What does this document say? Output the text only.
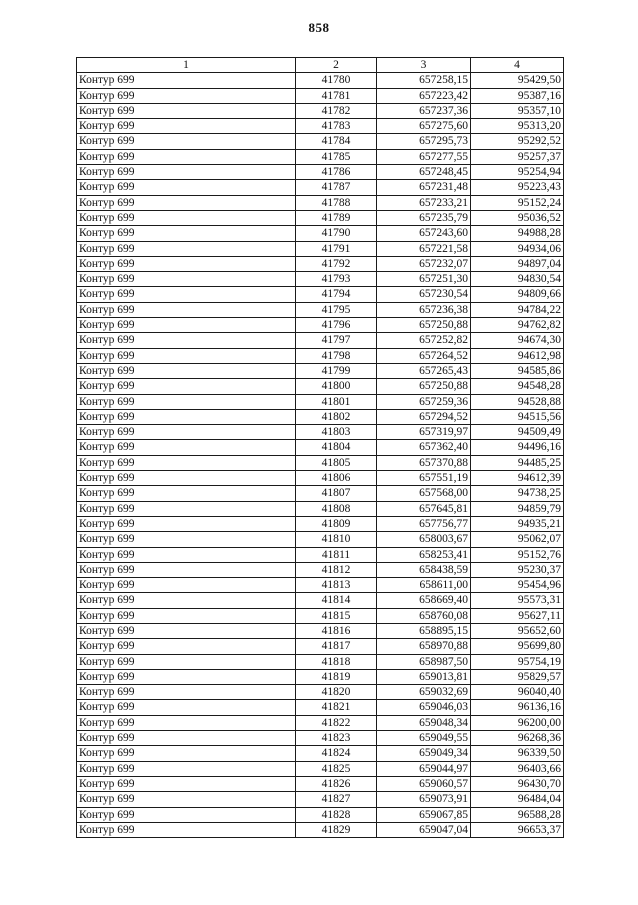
858
1	2	3	4
Контур 699	41780	657258,15	95429,50
Контур 699	41781	657223,42	95387,16
Контур 699	41782	657237,36	95357,10
Контур 699	41783	657275,60	95313,20
Контур 699	41784	657295,73	95292,52
Контур 699	41785	657277,55	95257,37
Контур 699	41786	657248,45	95254,94
Контур 699	41787	657231,48	95223,43
Контур 699	41788	657233,21	95152,24
Контур 699	41789	657235,79	95036,52
Контур 699	41790	657243,60	94988,28
Контур 699	41791	657221,58	94934,06
Контур 699	41792	657232,07	94897,04
Контур 699	41793	657251,30	94830,54
Контур 699	41794	657230,54	94809,66
Контур 699	41795	657236,38	94784,22
Контур 699	41796	657250,88	94762,82
Контур 699	41797	657252,82	94674,30
Контур 699	41798	657264,52	94612,98
Контур 699	41799	657265,43	94585,86
Контур 699	41800	657250,88	94548,28
Контур 699	41801	657259,36	94528,88
Контур 699	41802	657294,52	94515,56
Контур 699	41803	657319,97	94509,49
Контур 699	41804	657362,40	94496,16
Контур 699	41805	657370,88	94485,25
Контур 699	41806	657551,19	94612,39
Контур 699	41807	657568,00	94738,25
Контур 699	41808	657645,81	94859,79
Контур 699	41809	657756,77	94935,21
Контур 699	41810	658003,67	95062,07
Контур 699	41811	658253,41	95152,76
Контур 699	41812	658438,59	95230,37
Контур 699	41813	658611,00	95454,96
Контур 699	41814	658669,40	95573,31
Контур 699	41815	658760,08	95627,11
Контур 699	41816	658895,15	95652,60
Контур 699	41817	658970,88	95699,80
Контур 699	41818	658987,50	95754,19
Контур 699	41819	659013,81	95829,57
Контур 699	41820	659032,69	96040,40
Контур 699	41821	659046,03	96136,16
Контур 699	41822	659048,34	96200,00
Контур 699	41823	659049,55	96268,36
Контур 699	41824	659049,34	96339,50
Контур 699	41825	659044,97	96403,66
Контур 699	41826	659060,57	96430,70
Контур 699	41827	659073,91	96484,04
Контур 699	41828	659067,85	96588,28
Контур 699	41829	659047,04	96653,37
